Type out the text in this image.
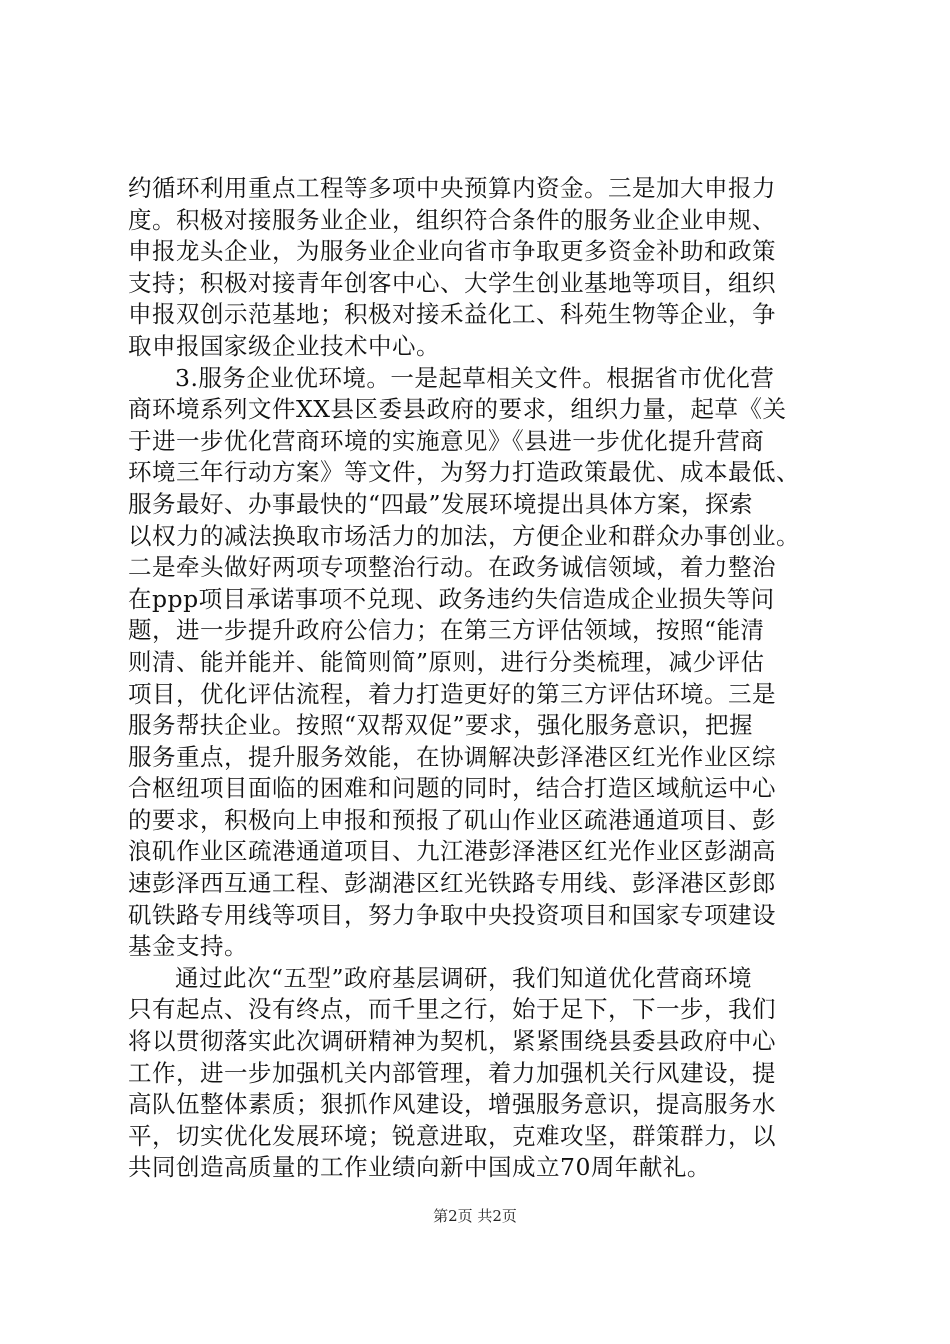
约循环利用重点工程等多项中央预算内资金。三是加大申报力
度。积极对接服务业企业，组织符合条件的服务业企业申规、
申报龙头企业，为服务业企业向省市争取更多资金补助和政策
支持；积极对接青年创客中心、大学生创业基地等项目，组织
申报双创示范基地；积极对接禾益化工、科苑生物等企业，争
取申报国家级企业技术中心。
3.服务企业优环境。一是起草相关文件。根据省市优化营
商环境系列文件XX县区委县政府的要求，组织力量，起草《关
于进一步优化营商环境的实施意见》《县进一步优化提升营商
环境三年行动方案》等文件，为努力打造政策最优、成本最低、
服务最好、办事最快的“四最”发展环境提出具体方案，探索
以权力的减法换取市场活力的加法，方便企业和群众办事创业。
二是牵头做好两项专项整治行动。在政务诚信领域，着力整治
在ppp项目承诺事项不兑现、政务违约失信造成企业损失等问
题，进一步提升政府公信力；在第三方评估领域，按照“能清
则清、能并能并、能简则简”原则，进行分类梳理，减少评估
项目，优化评估流程，着力打造更好的第三方评估环境。三是
服务帮扶企业。按照“双帮双促”要求，强化服务意识，把握
服务重点，提升服务效能，在协调解决彭泽港区红光作业区综
合枢纽项目面临的困难和问题的同时，结合打造区域航运中心
的要求，积极向上申报和预报了矶山作业区疏港通道项目、彭
浪矶作业区疏港通道项目、九江港彭泽港区红光作业区彭湖高
速彭泽西互通工程、彭湖港区红光铁路专用线、彭泽港区彭郎
矶铁路专用线等项目，努力争取中央投资项目和国家专项建设
基金支持。
通过此次“五型”政府基层调研，我们知道优化营商环境
只有起点、没有终点，而千里之行，始于足下，下一步，我们
将以贯彻落实此次调研精神为契机，紧紧围绕县委县政府中心
工作，进一步加强机关内部管理，着力加强机关行风建设，提
高队伍整体素质；狠抓作风建设，增强服务意识，提高服务水
平，切实优化发展环境；锐意进取，克难攻坚，群策群力，以
共同创造高质量的工作业绩向新中国成立70周年献礼。
第2页 共2页
